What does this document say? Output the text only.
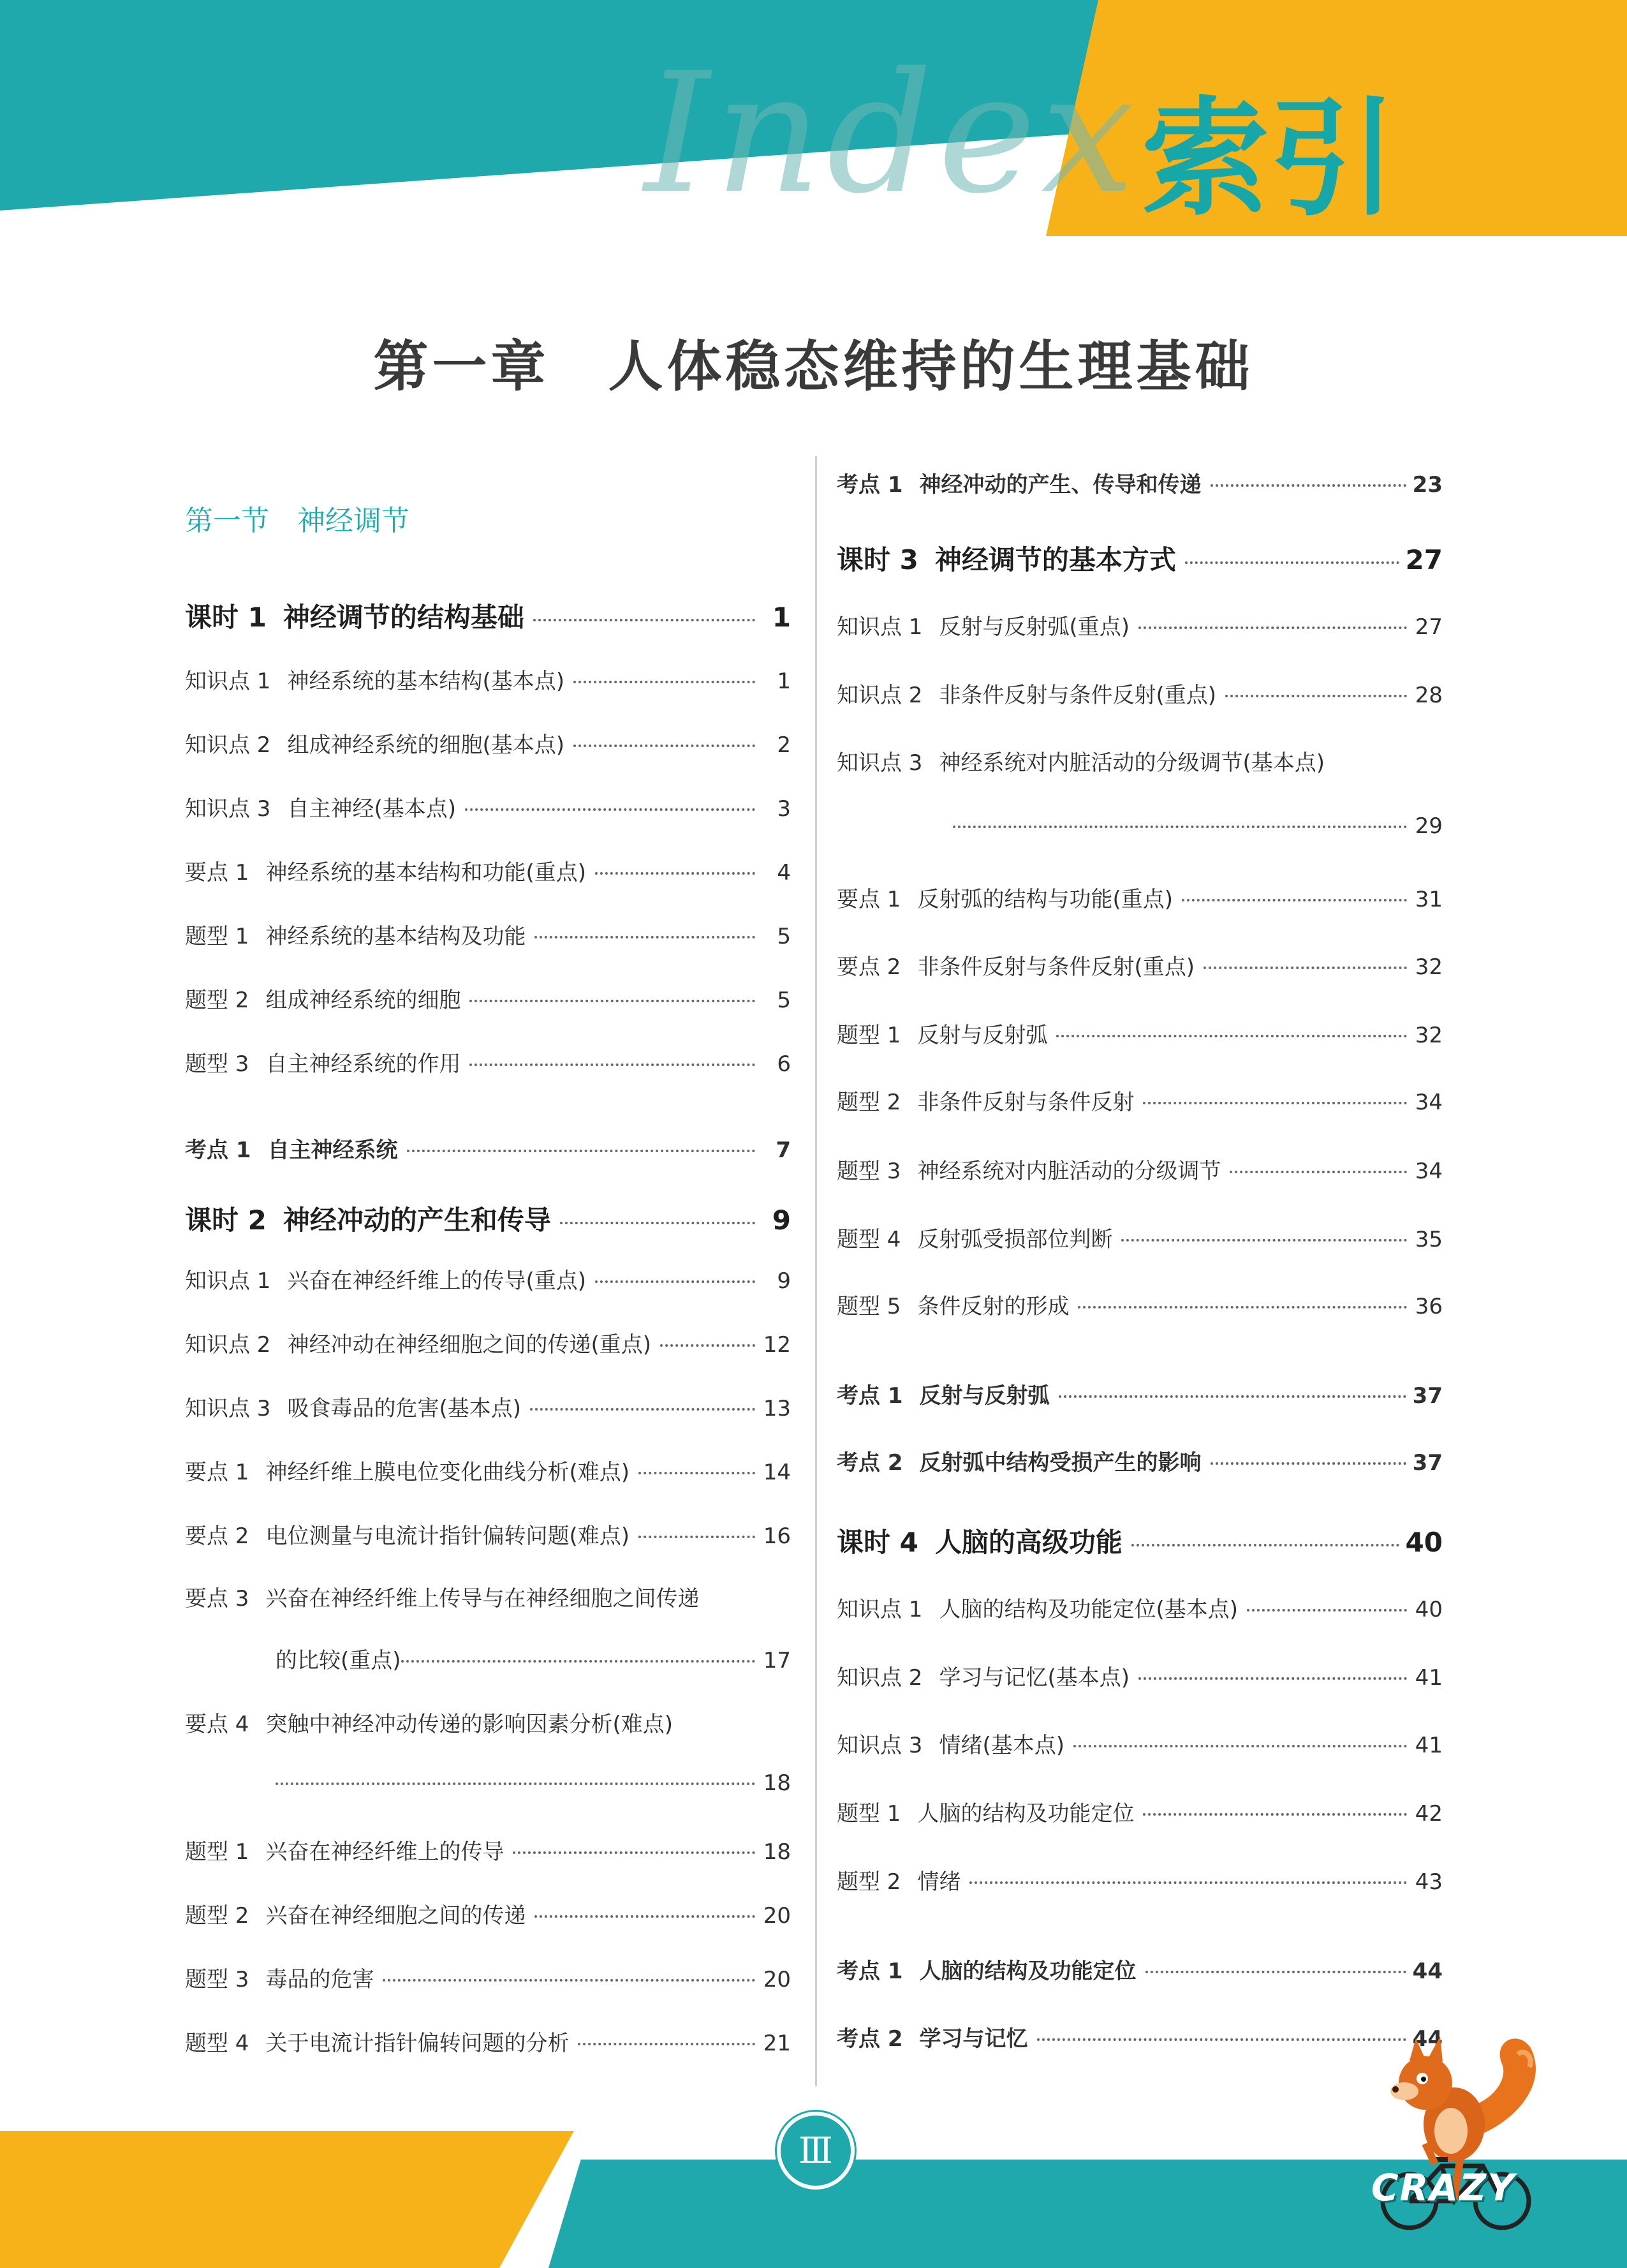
Index 索引
第一章　人体稳态维持的生理基础
第一节　神经调节
课时 1 神经调节的结构基础	1
知识点 1 神经系统的基本结构(基本点)	1
知识点 2 组成神经系统的细胞(基本点)	2
知识点 3 自主神经(基本点)	3
要点 1 神经系统的基本结构和功能(重点)	4
题型 1 神经系统的基本结构及功能	5
题型 2 组成神经系统的细胞	5
题型 3 自主神经系统的作用	6
考点 1 自主神经系统	7
课时 2 神经冲动的产生和传导	9
知识点 1 兴奋在神经纤维上的传导(重点)	9
知识点 2 神经冲动在神经细胞之间的传递(重点)	12
知识点 3 吸食毒品的危害(基本点)	13
要点 1 神经纤维上膜电位变化曲线分析(难点)	14
要点 2 电位测量与电流计指针偏转问题(难点)	16
要点 3 兴奋在神经纤维上传导与在神经细胞之间传递
的比较(重点)	17
要点 4 突触中神经冲动传递的影响因素分析(难点)
18
题型 1 兴奋在神经纤维上的传导	18
题型 2 兴奋在神经细胞之间的传递	20
题型 3 毒品的危害	20
题型 4 关于电流计指针偏转问题的分析	21
考点 1 神经冲动的产生、传导和传递	23
课时 3 神经调节的基本方式	27
知识点 1 反射与反射弧(重点)	27
知识点 2 非条件反射与条件反射(重点)	28
知识点 3 神经系统对内脏活动的分级调节(基本点)
29
要点 1 反射弧的结构与功能(重点)	31
要点 2 非条件反射与条件反射(重点)	32
题型 1 反射与反射弧	32
题型 2 非条件反射与条件反射	34
题型 3 神经系统对内脏活动的分级调节	34
题型 4 反射弧受损部位判断	35
题型 5 条件反射的形成	36
考点 1 反射与反射弧	37
考点 2 反射弧中结构受损产生的影响	37
课时 4 人脑的高级功能	40
知识点 1 人脑的结构及功能定位(基本点)	40
知识点 2 学习与记忆(基本点)	41
知识点 3 情绪(基本点)	41
题型 1 人脑的结构及功能定位	42
题型 2 情绪	43
考点 1 人脑的结构及功能定位	44
考点 2 学习与记忆	44
Ⅲ
CRAZY
